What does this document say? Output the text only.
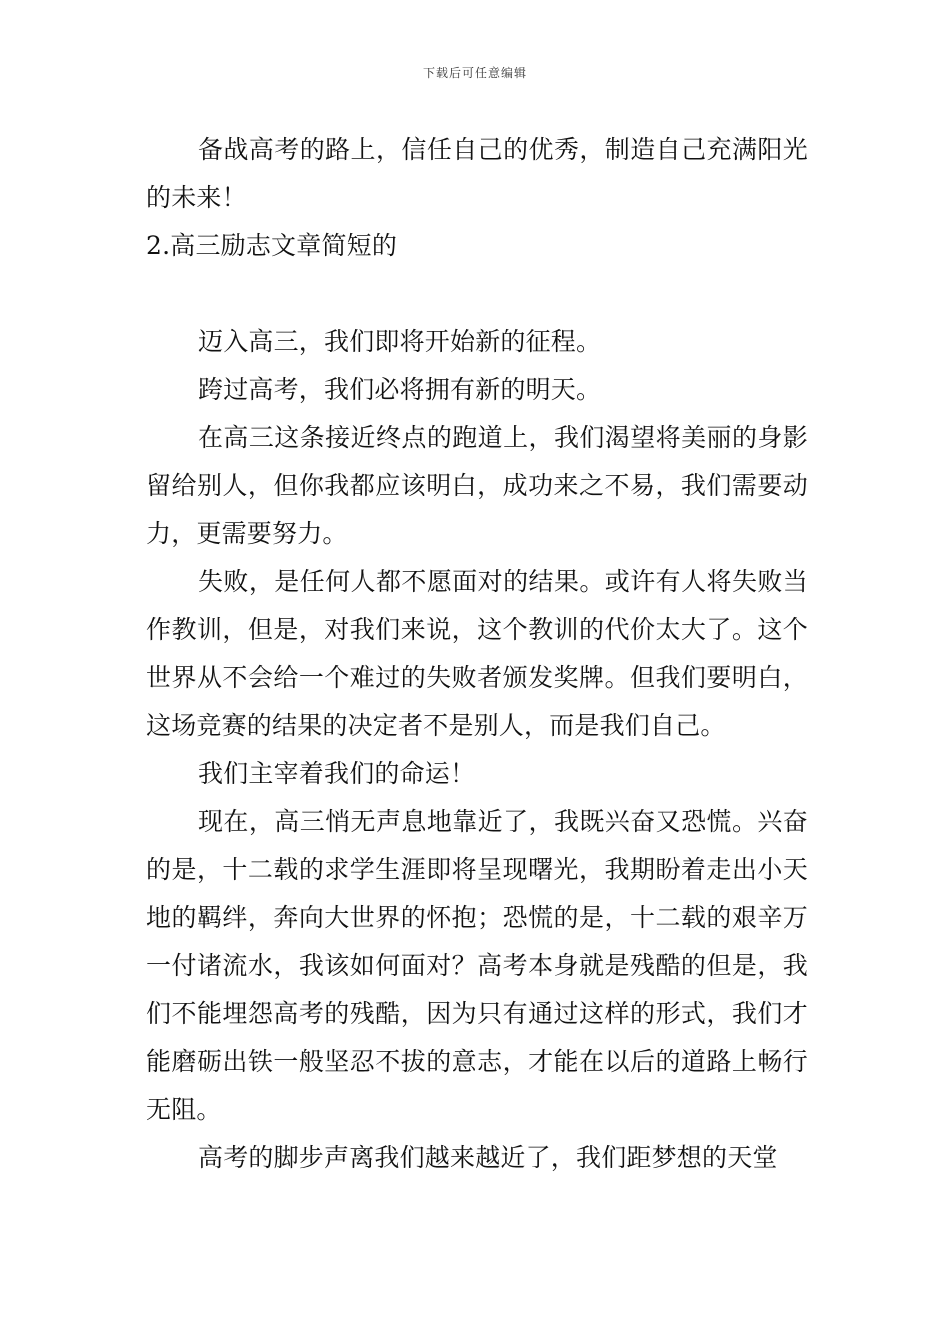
下载后可任意编辑

备战高考的路上，信任自己的优秀，制造自己充满阳光的未来！

2.高三励志文章简短的

迈入高三，我们即将开始新的征程。

跨过高考，我们必将拥有新的明天。

在高三这条接近终点的跑道上，我们渴望将美丽的身影留给别人，但你我都应该明白，成功来之不易，我们需要动力，更需要努力。

失败，是任何人都不愿面对的结果。或许有人将失败当作教训，但是，对我们来说，这个教训的代价太大了。这个世界从不会给一个难过的失败者颁发奖牌。但我们要明白，这场竞赛的结果的决定者不是别人，而是我们自己。

我们主宰着我们的命运！

现在，高三悄无声息地靠近了，我既兴奋又恐慌。兴奋的是，十二载的求学生涯即将呈现曙光，我期盼着走出小天地的羁绊，奔向大世界的怀抱；恐慌的是，十二载的艰辛万一付诸流水，我该如何面对？高考本身就是残酷的但是，我们不能埋怨高考的残酷，因为只有通过这样的形式，我们才能磨砺出铁一般坚忍不拔的意志，才能在以后的道路上畅行无阻。

高考的脚步声离我们越来越近了，我们距梦想的天堂
